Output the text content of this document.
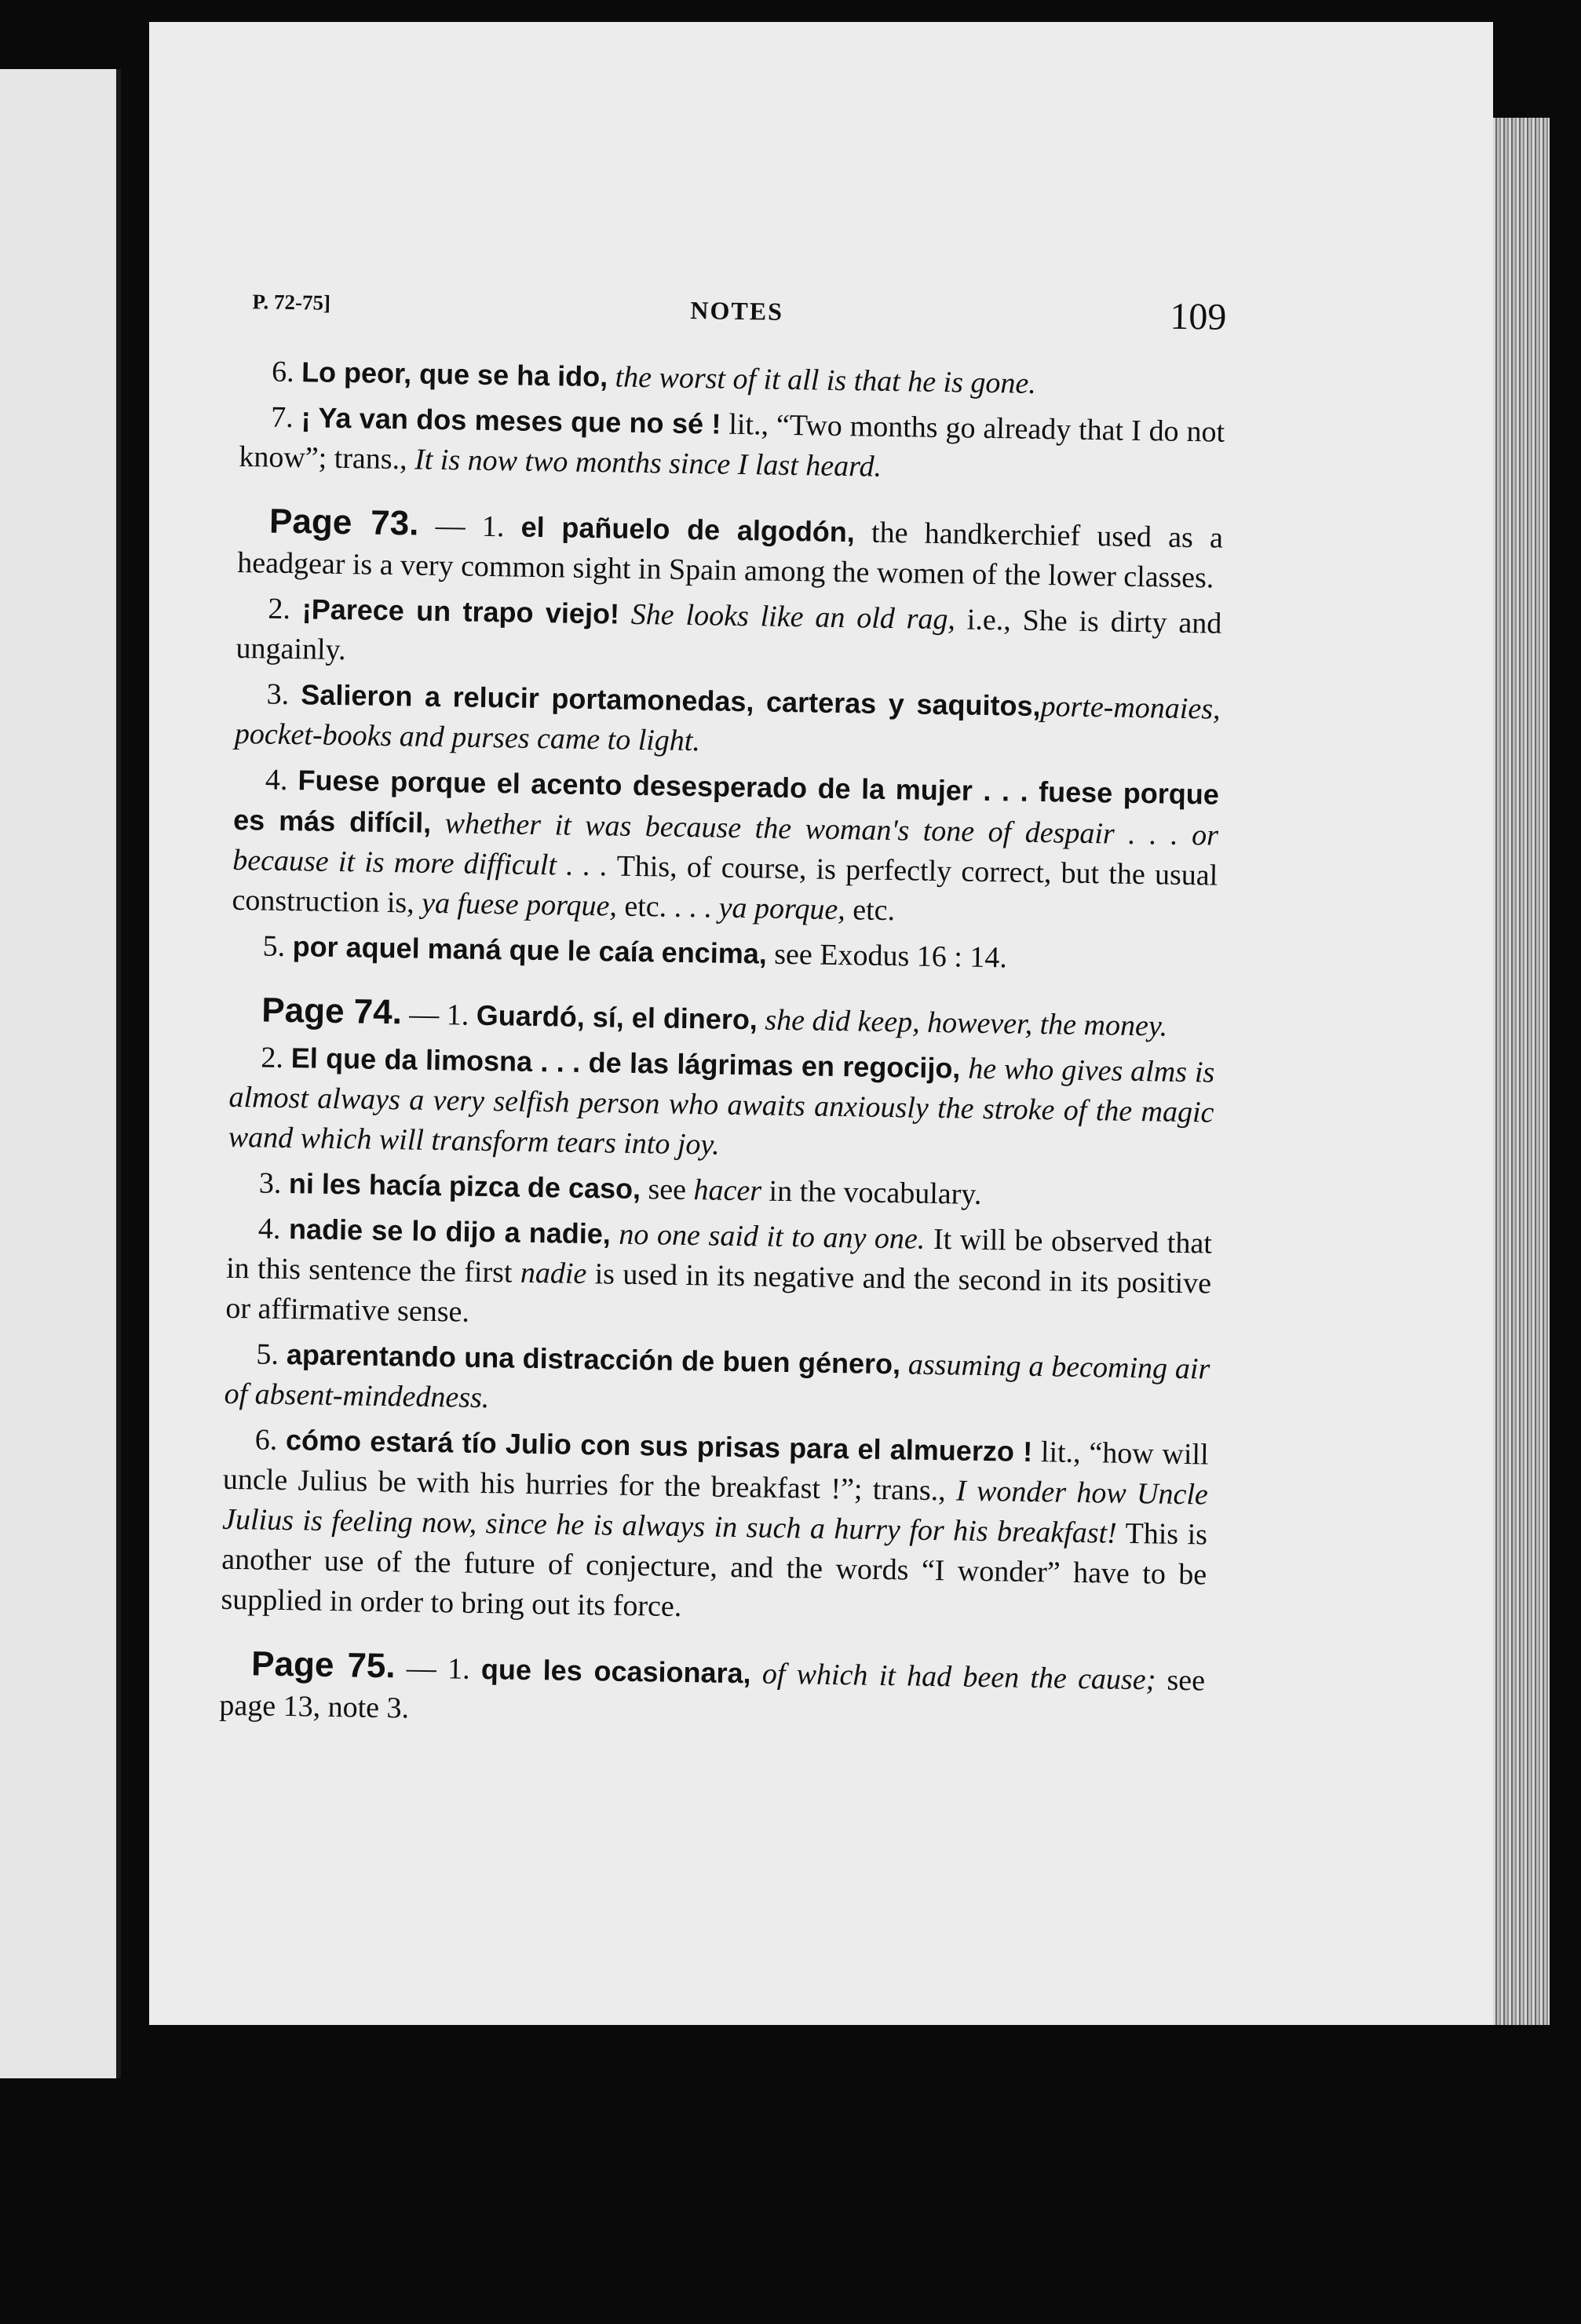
P. 72-75]	NOTES	109

6. Lo peor, que se ha ido, the worst of it all is that he is gone.

7. ¡ Ya van dos meses que no sé ! lit., “Two months go already that I do not know”; trans., It is now two months since I last heard.

Page 73. — 1. el pañuelo de algodón, the handkerchief used as a headgear is a very common sight in Spain among the women of the lower classes.

2. ¡Parece un trapo viejo! She looks like an old rag, i.e., She is dirty and ungainly.

3. Salieron a relucir portamonedas, carteras y saquitos,porte-monaies, pocket-books and purses came to light.

4. Fuese porque el acento desesperado de la mujer . . . fuese porque es más difícil, whether it was because the woman's tone of despair . . . or because it is more difficult . . . This, of course, is perfectly correct, but the usual construction is, ya fuese porque, etc. . . . ya porque, etc.

5. por aquel maná que le caía encima, see Exodus 16 : 14.

Page 74. — 1. Guardó, sí, el dinero, she did keep, however, the money.

2. El que da limosna . . . de las lágrimas en regocijo, he who gives alms is almost always a very selfish person who awaits anxiously the stroke of the magic wand which will transform tears into joy.

3. ni les hacía pizca de caso, see hacer in the vocabulary.

4. nadie se lo dijo a nadie, no one said it to any one. It will be observed that in this sentence the first nadie is used in its negative and the second in its positive or affirmative sense.

5. aparentando una distracción de buen género, assuming a becoming air of absent-mindedness.

6. cómo estará tío Julio con sus prisas para el almuerzo ! lit., “how will uncle Julius be with his hurries for the breakfast !”; trans., I wonder how Uncle Julius is feeling now, since he is always in such a hurry for his breakfast! This is another use of the future of conjecture, and the words “I wonder” have to be supplied in order to bring out its force.

Page 75. — 1. que les ocasionara, of which it had been the cause; see page 13, note 3.
